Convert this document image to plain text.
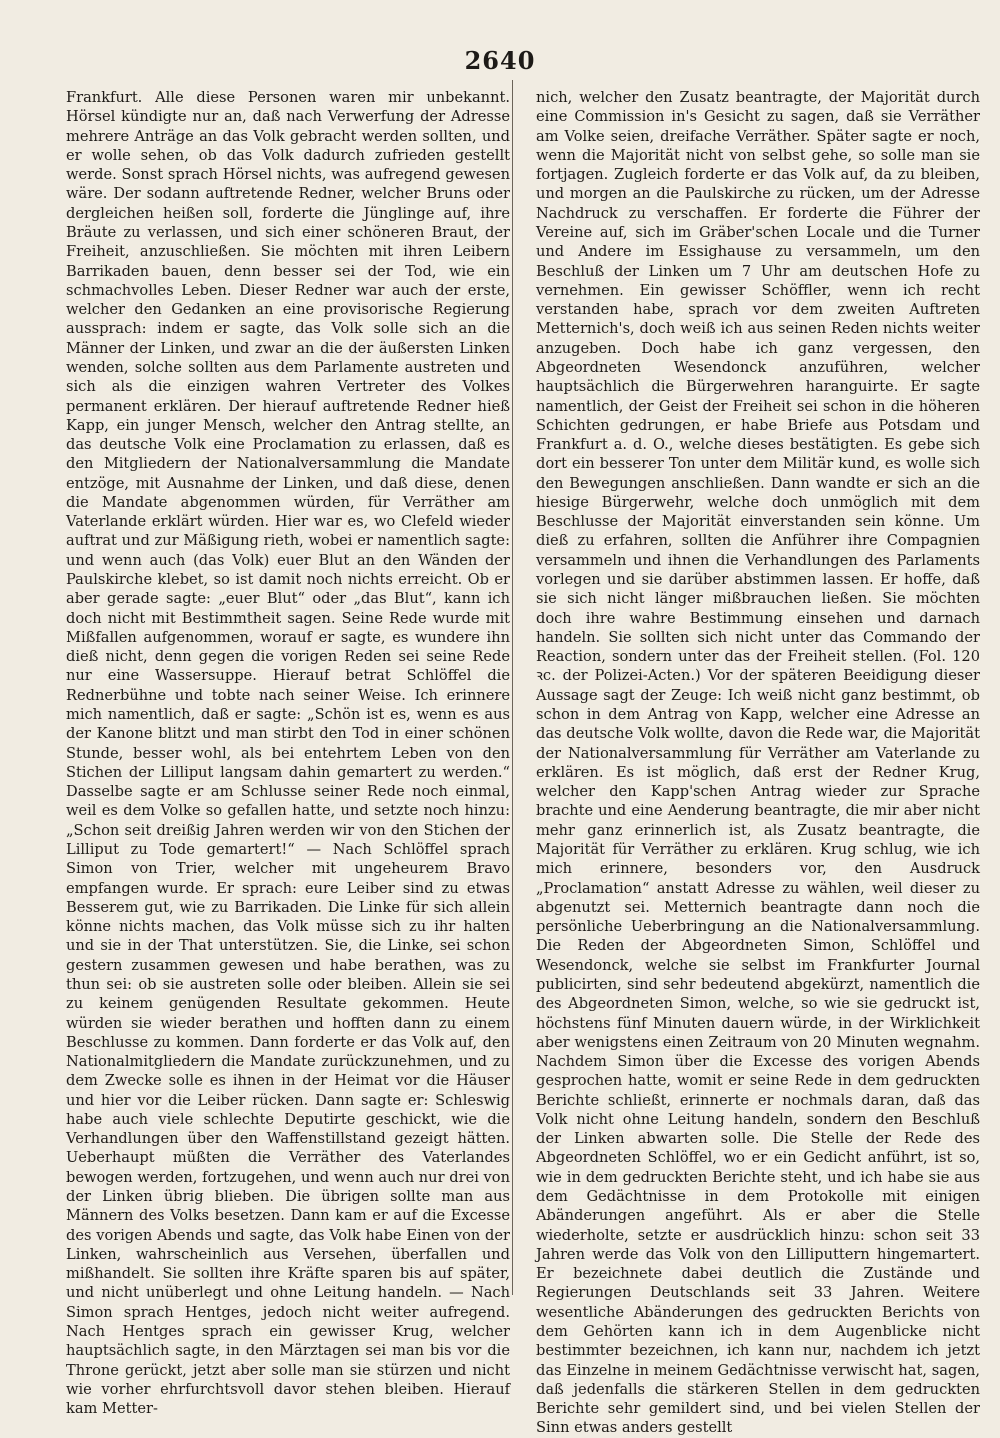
2640

Frankfurt. Alle diese Personen waren mir unbekannt. Hörsel kündigte nur an, daß nach Verwerfung der Adresse mehrere Anträge an das Volk gebracht werden sollten, und er wolle sehen, ob das Volk dadurch zufrieden gestellt werde. Sonst sprach Hörsel nichts, was aufregend gewesen wäre. Der sodann auftretende Redner, welcher Bruns oder dergleichen heißen soll, forderte die Jünglinge auf, ihre Bräute zu verlassen, und sich einer schöneren Braut, der Freiheit, anzuschließen. Sie möchten mit ihren Leibern Barrikaden bauen, denn besser sei der Tod, wie ein schmachvolles Leben. Dieser Redner war auch der erste, welcher den Gedanken an eine provisorische Regierung aussprach: indem er sagte, das Volk solle sich an die Männer der Linken, und zwar an die der äußersten Linken wenden, solche sollten aus dem Parlamente austreten und sich als die einzigen wahren Vertreter des Volkes permanent erklären. Der hierauf auftretende Redner hieß Kapp, ein junger Mensch, welcher den Antrag stellte, an das deutsche Volk eine Proclamation zu erlassen, daß es den Mitgliedern der Nationalversammlung die Mandate entzöge, mit Ausnahme der Linken, und daß diese, denen die Mandate abgenommen würden, für Verräther am Vaterlande erklärt würden. Hier war es, wo Clefeld wieder auftrat und zur Mäßigung rieth, wobei er namentlich sagte: und wenn auch (das Volk) euer Blut an den Wänden der Paulskirche klebet, so ist damit noch nichts erreicht. Ob er aber gerade sagte: „euer Blut“ oder „das Blut“, kann ich doch nicht mit Bestimmtheit sagen. Seine Rede wurde mit Mißfallen aufgenommen, worauf er sagte, es wundere ihn dieß nicht, denn gegen die vorigen Reden sei seine Rede nur eine Wassersuppe. Hierauf betrat Schlöffel die Rednerbühne und tobte nach seiner Weise. Ich erinnere mich namentlich, daß er sagte: „Schön ist es, wenn es aus der Kanone blitzt und man stirbt den Tod in einer schönen Stunde, besser wohl, als bei entehrtem Leben von den Stichen der Lilliput langsam dahin gemartert zu werden.“ Dasselbe sagte er am Schlusse seiner Rede noch einmal, weil es dem Volke so gefallen hatte, und setzte noch hinzu: „Schon seit dreißig Jahren werden wir von den Stichen der Lilliput zu Tode gemartert!“ — Nach Schlöffel sprach Simon von Trier, welcher mit ungeheurem Bravo empfangen wurde. Er sprach: eure Leiber sind zu etwas Besserem gut, wie zu Barrikaden. Die Linke für sich allein könne nichts machen, das Volk müsse sich zu ihr halten und sie in der That unterstützen. Sie, die Linke, sei schon gestern zusammen gewesen und habe berathen, was zu thun sei: ob sie austreten solle oder bleiben. Allein sie sei zu keinem genügenden Resultate gekommen. Heute würden sie wieder berathen und hofften dann zu einem Beschlusse zu kommen. Dann forderte er das Volk auf, den Nationalmitgliedern die Mandate zurückzunehmen, und zu dem Zwecke solle es ihnen in der Heimat vor die Häuser und hier vor die Leiber rücken. Dann sagte er: Schleswig habe auch viele schlechte Deputirte geschickt, wie die Verhandlungen über den Waffenstillstand gezeigt hätten. Ueberhaupt müßten die Verräther des Vaterlandes bewogen werden, fortzugehen, und wenn auch nur drei von der Linken übrig blieben. Die übrigen sollte man aus Männern des Volks besetzen. Dann kam er auf die Excesse des vorigen Abends und sagte, das Volk habe Einen von der Linken, wahrscheinlich aus Versehen, überfallen und mißhandelt. Sie sollten ihre Kräfte sparen bis auf später, und nicht unüberlegt und ohne Leitung handeln. — Nach Simon sprach Hentges, jedoch nicht weiter aufregend. Nach Hentges sprach ein gewisser Krug, welcher hauptsächlich sagte, in den Märztagen sei man bis vor die Throne gerückt, jetzt aber solle man sie stürzen und nicht wie vorher ehrfurchtsvoll davor stehen bleiben. Hierauf kam Metter-

nich, welcher den Zusatz beantragte, der Majorität durch eine Commission in's Gesicht zu sagen, daß sie Verräther am Volke seien, dreifache Verräther. Später sagte er noch, wenn die Majorität nicht von selbst gehe, so solle man sie fortjagen. Zugleich forderte er das Volk auf, da zu bleiben, und morgen an die Paulskirche zu rücken, um der Adresse Nachdruck zu verschaffen. Er forderte die Führer der Vereine auf, sich im Gräber'schen Locale und die Turner und Andere im Essighause zu versammeln, um den Beschluß der Linken um 7 Uhr am deutschen Hofe zu vernehmen. Ein gewisser Schöffler, wenn ich recht verstanden habe, sprach vor dem zweiten Auftreten Metternich's, doch weiß ich aus seinen Reden nichts weiter anzugeben. Doch habe ich ganz vergessen, den Abgeordneten Wesendonck anzuführen, welcher hauptsächlich die Bürgerwehren haranguirte. Er sagte namentlich, der Geist der Freiheit sei schon in die höheren Schichten gedrungen, er habe Briefe aus Potsdam und Frankfurt a. d. O., welche dieses bestätigten. Es gebe sich dort ein besserer Ton unter dem Militär kund, es wolle sich den Bewegungen anschließen. Dann wandte er sich an die hiesige Bürgerwehr, welche doch unmöglich mit dem Beschlusse der Majorität einverstanden sein könne. Um dieß zu erfahren, sollten die Anführer ihre Compagnien versammeln und ihnen die Verhandlungen des Parlaments vorlegen und sie darüber abstimmen lassen. Er hoffe, daß sie sich nicht länger mißbrauchen ließen. Sie möchten doch ihre wahre Bestimmung einsehen und darnach handeln. Sie sollten sich nicht unter das Commando der Reaction, sondern unter das der Freiheit stellen. (Fol. 120 ꝛc. der Polizei-Acten.) Vor der späteren Beeidigung dieser Aussage sagt der Zeuge: Ich weiß nicht ganz bestimmt, ob schon in dem Antrag von Kapp, welcher eine Adresse an das deutsche Volk wollte, davon die Rede war, die Majorität der Nationalversammlung für Verräther am Vaterlande zu erklären. Es ist möglich, daß erst der Redner Krug, welcher den Kapp'schen Antrag wieder zur Sprache brachte und eine Aenderung beantragte, die mir aber nicht mehr ganz erinnerlich ist, als Zusatz beantragte, die Majorität für Verräther zu erklären. Krug schlug, wie ich mich erinnere, besonders vor, den Ausdruck „Proclamation“ anstatt Adresse zu wählen, weil dieser zu abgenutzt sei. Metternich beantragte dann noch die persönliche Ueberbringung an die Nationalversammlung. Die Reden der Abgeordneten Simon, Schlöffel und Wesendonck, welche sie selbst im Frankfurter Journal publicirten, sind sehr bedeutend abgekürzt, namentlich die des Abgeordneten Simon, welche, so wie sie gedruckt ist, höchstens fünf Minuten dauern würde, in der Wirklichkeit aber wenigstens einen Zeitraum von 20 Minuten wegnahm. Nachdem Simon über die Excesse des vorigen Abends gesprochen hatte, womit er seine Rede in dem gedruckten Berichte schließt, erinnerte er nochmals daran, daß das Volk nicht ohne Leitung handeln, sondern den Beschluß der Linken abwarten solle. Die Stelle der Rede des Abgeordneten Schlöffel, wo er ein Gedicht anführt, ist so, wie in dem gedruckten Berichte steht, und ich habe sie aus dem Gedächtnisse in dem Protokolle mit einigen Abänderungen angeführt. Als er aber die Stelle wiederholte, setzte er ausdrücklich hinzu: schon seit 33 Jahren werde das Volk von den Lilliputtern hingemartert. Er bezeichnete dabei deutlich die Zustände und Regierungen Deutschlands seit 33 Jahren. Weitere wesentliche Abänderungen des gedruckten Berichts von dem Gehörten kann ich in dem Augenblicke nicht bestimmter bezeichnen, ich kann nur, nachdem ich jetzt das Einzelne in meinem Gedächtnisse verwischt hat, sagen, daß jedenfalls die stärkeren Stellen in dem gedruckten Berichte sehr gemildert sind, und bei vielen Stellen der Sinn etwas anders gestellt
